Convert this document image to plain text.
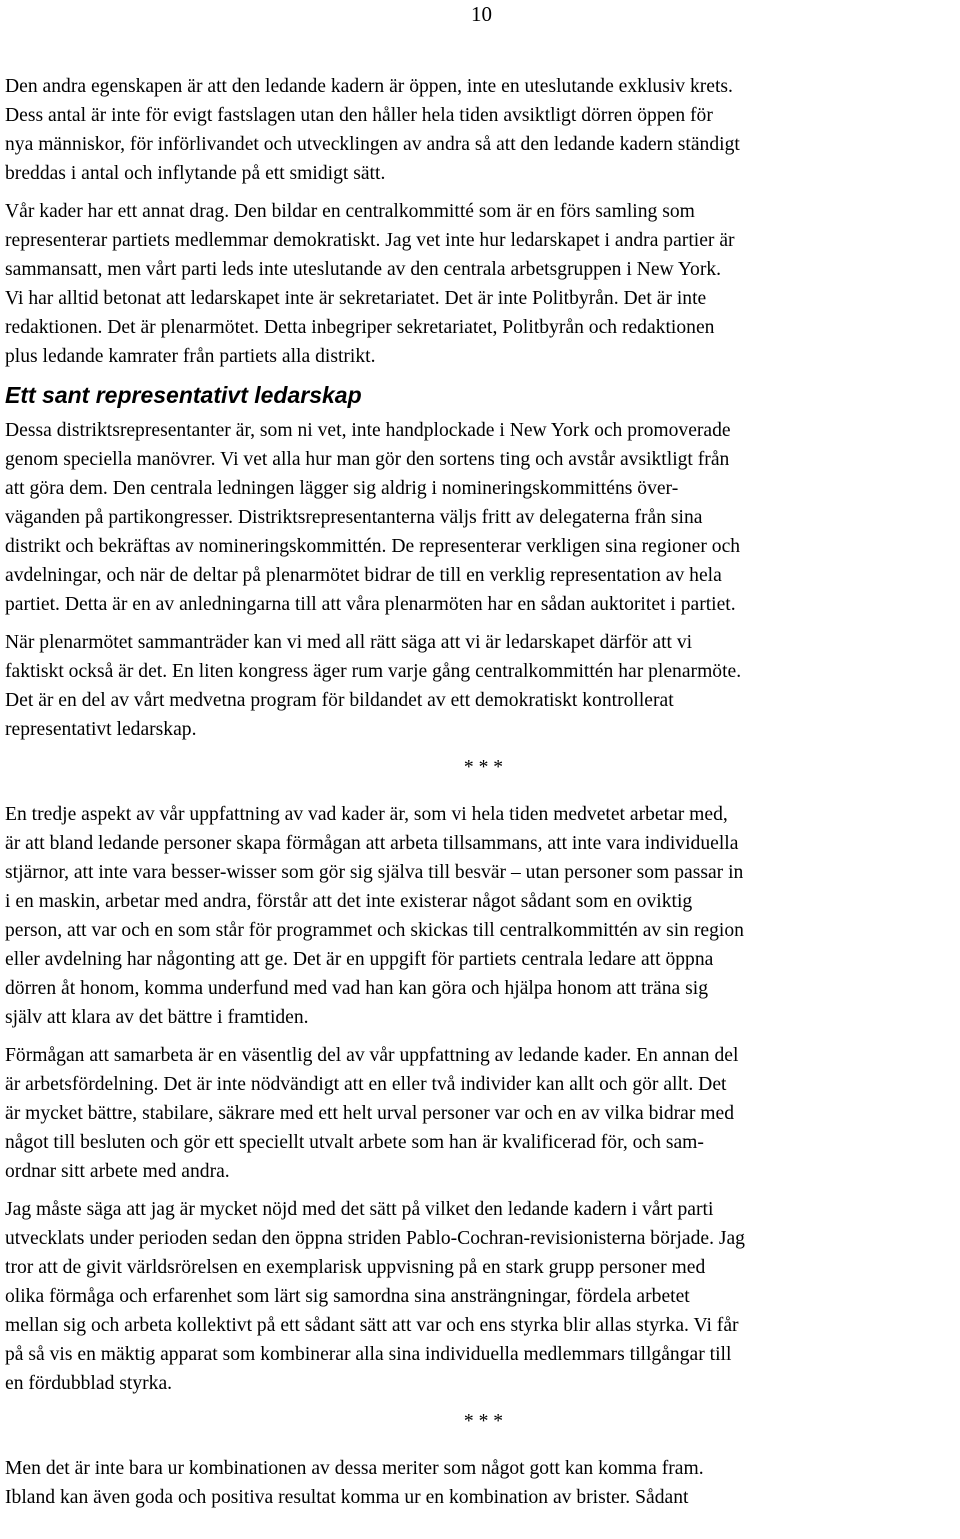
10

Den andra egenskapen är att den ledande kadern är öppen, inte en uteslutande exklusiv krets.
Dess antal är inte för evigt fastslagen utan den håller hela tiden avsiktligt dörren öppen för
nya människor, för införlivandet och utvecklingen av andra så att den ledande kadern ständigt
breddas i antal och inflytande på ett smidigt sätt.

Vår kader har ett annat drag. Den bildar en centralkommitté som är en förs samling som
representerar partiets medlemmar demokratiskt. Jag vet inte hur ledarskapet i andra partier är
sammansatt, men vårt parti leds inte uteslutande av den centrala arbetsgruppen i New York.
Vi har alltid betonat att ledarskapet inte är sekretariatet. Det är inte Politbyrån. Det är inte
redaktionen. Det är plenarmötet. Detta inbegriper sekretariatet, Politbyrån och redaktionen
plus ledande kamrater från partiets alla distrikt.

Ett sant representativt ledarskap

Dessa distriktsrepresentanter är, som ni vet, inte handplockade i New York och promoverade
genom speciella manövrer. Vi vet alla hur man gör den sortens ting och avstår avsiktligt från
att göra dem. Den centrala ledningen lägger sig aldrig i nomineringskommitténs över-
väganden på partikongresser. Distriktsrepresentanterna väljs fritt av delegaterna från sina
distrikt och bekräftas av nomineringskommittén. De representerar verkligen sina regioner och
avdelningar, och när de deltar på plenarmötet bidrar de till en verklig representation av hela
partiet. Detta är en av anledningarna till att våra plenarmöten har en sådan auktoritet i partiet.

När plenarmötet sammanträder kan vi med all rätt säga att vi är ledarskapet därför att vi
faktiskt också är det. En liten kongress äger rum varje gång centralkommittén har plenarmöte.
Det är en del av vårt medvetna program för bildandet av ett demokratiskt kontrollerat
representativt ledarskap.

* * *

En tredje aspekt av vår uppfattning av vad kader är, som vi hela tiden medvetet arbetar med,
är att bland ledande personer skapa förmågan att arbeta tillsammans, att inte vara individuella
stjärnor, att inte vara besser-wisser som gör sig själva till besvär – utan personer som passar in
i en maskin, arbetar med andra, förstår att det inte existerar något sådant som en oviktig
person, att var och en som står för programmet och skickas till centralkommittén av sin region
eller avdelning har någonting att ge. Det är en uppgift för partiets centrala ledare att öppna
dörren åt honom, komma underfund med vad han kan göra och hjälpa honom att träna sig
själv att klara av det bättre i framtiden.

Förmågan att samarbeta är en väsentlig del av vår uppfattning av ledande kader. En annan del
är arbetsfördelning. Det är inte nödvändigt att en eller två individer kan allt och gör allt. Det
är mycket bättre, stabilare, säkrare med ett helt urval personer var och en av vilka bidrar med
något till besluten och gör ett speciellt utvalt arbete som han är kvalificerad för, och sam-
ordnar sitt arbete med andra.

Jag måste säga att jag är mycket nöjd med det sätt på vilket den ledande kadern i vårt parti
utvecklats under perioden sedan den öppna striden Pablo-Cochran-revisionisterna började. Jag
tror att de givit världsrörelsen en exemplarisk uppvisning på en stark grupp personer med
olika förmåga och erfarenhet som lärt sig samordna sina ansträngningar, fördela arbetet
mellan sig och arbeta kollektivt på ett sådant sätt att var och ens styrka blir allas styrka. Vi får
på så vis en mäktig apparat som kombinerar alla sina individuella medlemmars tillgångar till
en fördubblad styrka.

* * *

Men det är inte bara ur kombinationen av dessa meriter som något gott kan komma fram.
Ibland kan även goda och positiva resultat komma ur en kombination av brister. Sådant
